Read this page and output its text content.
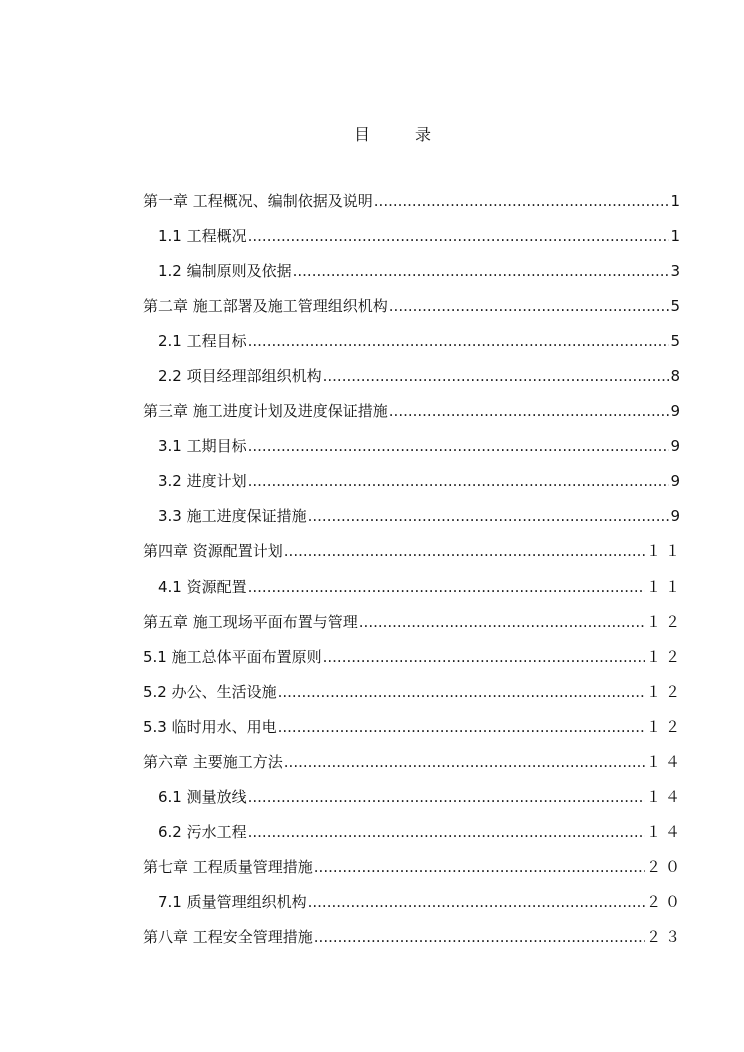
目 录
第一章 工程概况、编制依据及说明 .....	1
1.1 工程概况 .....	1
1.2 编制原则及依据 .....	3
第二章 施工部署及施工管理组织机构 .....	5
2.1 工程目标 .....	5
2.2 项目经理部组织机构 .....	8
第三章 施工进度计划及进度保证措施 .....	9
3.1 工期目标 .....	9
3.2 进度计划 .....	9
3.3 施工进度保证措施 .....	9
第四章 资源配置计划 .....	１１
4.1 资源配置 .....	１１
第五章 施工现场平面布置与管理 .....	１２
5.1 施工总体平面布置原则 .....	１２
5.2 办公、生活设施 .....	１２
5.3 临时用水、用电 .....	１２
第六章 主要施工方法 .....	１４
6.1 测量放线 .....	１４
6.2 污水工程 .....	１４
第七章 工程质量管理措施 .....	２０
7.1 质量管理组织机构 .....	２０
第八章 工程安全管理措施 .....	２３
